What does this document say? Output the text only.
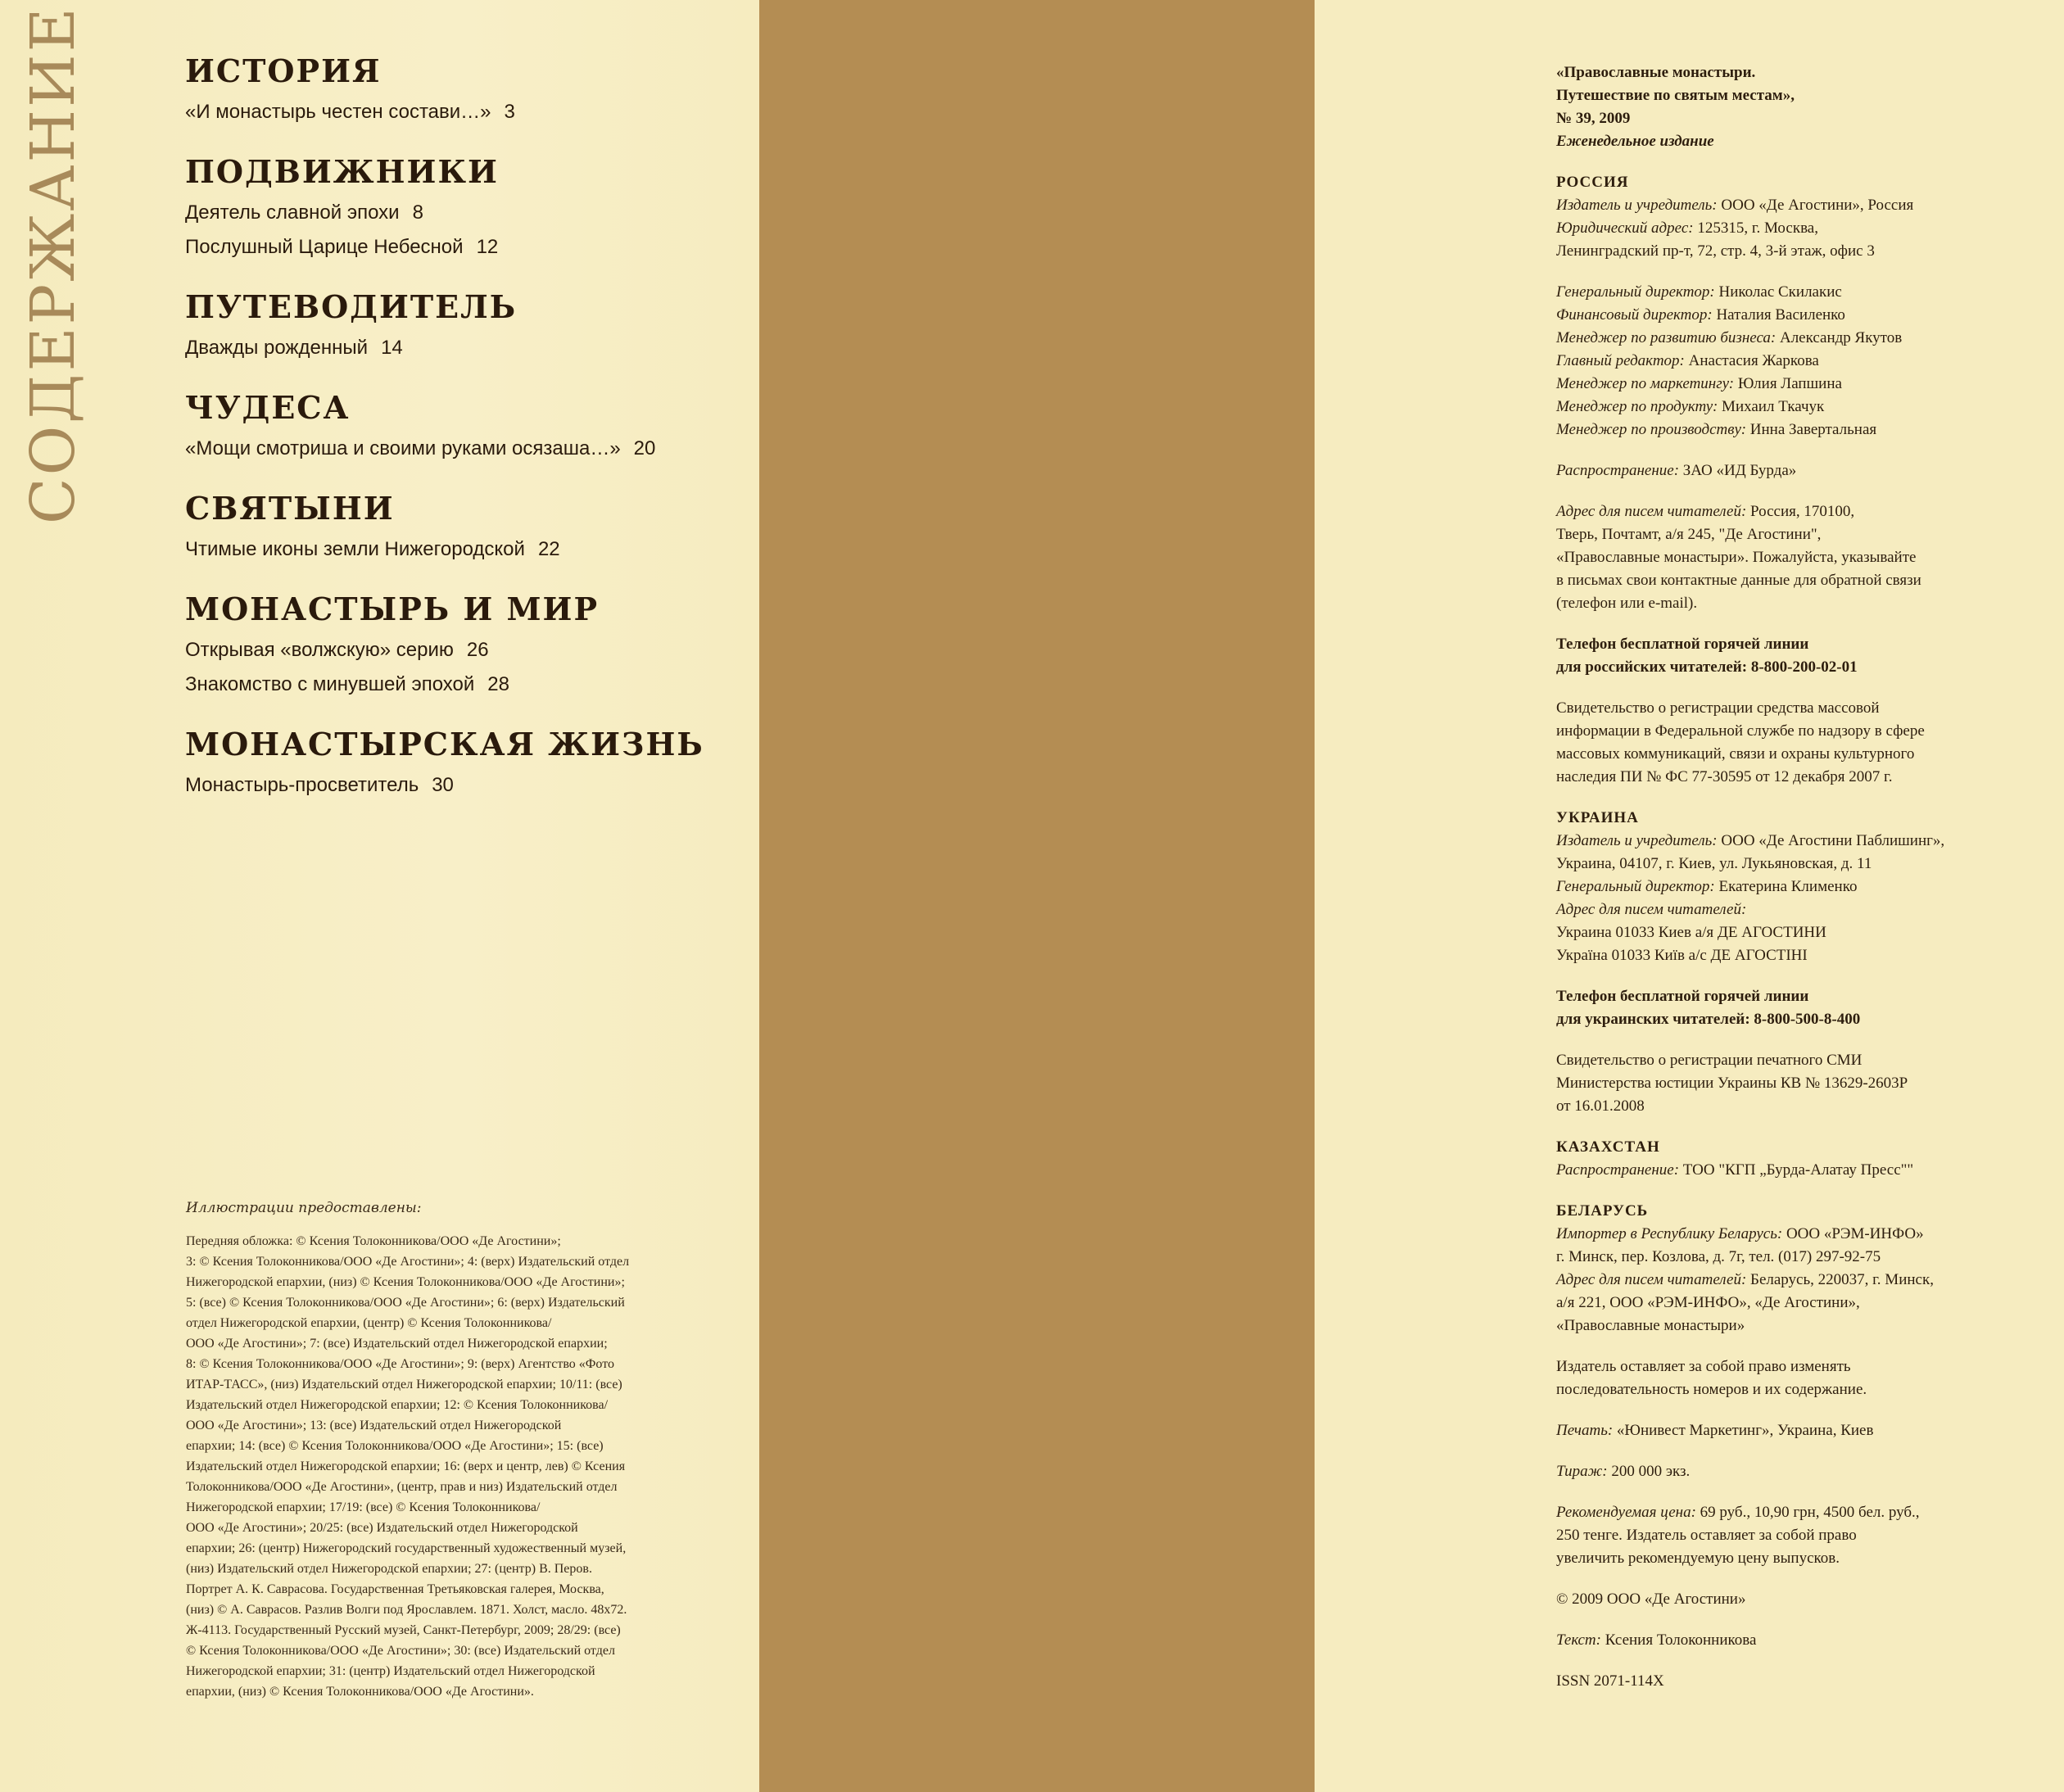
СОДЕРЖАНИЕ	ИСТОРИЯ
«И монастырь честен состави…» 3
ПОДВИЖНИКИ
Деятель славной эпохи 8
Послушный Царице Небесной 12
ПУТЕВОДИТЕЛЬ
Дважды рожденный 14
ЧУДЕСА
«Мощи смотриша и своими руками осязаша…» 20
СВЯТЫНИ
Чтимые иконы земли Нижегородской 22
МОНАСТЫРЬ И МИР
Открывая «волжскую» серию 26
Знакомство с минувшей эпохой 28
МОНАСТЫРСКАЯ ЖИЗНЬ
Монастырь-просветитель 30
Иллюстрации предоставлены:
Передняя обложка: © Ксения Толоконникова/ООО «Де Агостини»;
3: © Ксения Толоконникова/ООО «Де Агостини»; 4: (верх) Издательский отдел
Нижегородской епархии, (низ) © Ксения Толоконникова/ООО «Де Агостини»;
5: (все) © Ксения Толоконникова/ООО «Де Агостини»; 6: (верх) Издательский
отдел Нижегородской епархии, (центр) © Ксения Толоконникова/
ООО «Де Агостини»; 7: (все) Издательский отдел Нижегородской епархии;
8: © Ксения Толоконникова/ООО «Де Агостини»; 9: (верх) Агентство «Фото
ИТАР-ТАСС», (низ) Издательский отдел Нижегородской епархии; 10/11: (все)
Издательский отдел Нижегородской епархии; 12: © Ксения Толоконникова/
ООО «Де Агостини»; 13: (все) Издательский отдел Нижегородской
епархии; 14: (все) © Ксения Толоконникова/ООО «Де Агостини»; 15: (все)
Издательский отдел Нижегородской епархии; 16: (верх и центр, лев) © Ксения
Толоконникова/ООО «Де Агостини», (центр, прав и низ) Издательский отдел
Нижегородской епархии; 17/19: (все) © Ксения Толоконникова/
ООО «Де Агостини»; 20/25: (все) Издательский отдел Нижегородской
епархии; 26: (центр) Нижегородский государственный художественный музей,
(низ) Издательский отдел Нижегородской епархии; 27: (центр) В. Перов.
Портрет А. К. Саврасова. Государственная Третьяковская галерея, Москва,
(низ) © А. Саврасов. Разлив Волги под Ярославлем. 1871. Холст, масло. 48x72.
Ж-4113. Государственный Русский музей, Санкт-Петербург, 2009; 28/29: (все)
© Ксения Толоконникова/ООО «Де Агостини»; 30: (все) Издательский отдел
Нижегородской епархии; 31: (центр) Издательский отдел Нижегородской
епархии, (низ) © Ксения Толоконникова/ООО «Де Агостини».
«Православные монастыри.
Путешествие по святым местам»,
№ 39, 2009
Еженедельное издание
РОССИЯ
Издатель и учредитель: ООО «Де Агостини», Россия
Юридический адрес: 125315, г. Москва,
Ленинградский пр-т, 72, стр. 4, 3-й этаж, офис 3
Генеральный директор: Николас Скилакис
Финансовый директор: Наталия Василенко
Менеджер по развитию бизнеса: Александр Якутов
Главный редактор: Анастасия Жаркова
Менеджер по маркетингу: Юлия Лапшина
Менеджер по продукту: Михаил Ткачук
Менеджер по производству: Инна Завертальная
Распространение: ЗАО «ИД Бурда»
Адрес для писем читателей: Россия, 170100,
Тверь, Почтамт, а/я 245, "Де Агостини",
«Православные монастыри». Пожалуйста, указывайте
в письмах свои контактные данные для обратной связи
(телефон или e-mail).
Телефон бесплатной горячей линии
для российских читателей: 8-800-200-02-01
Свидетельство о регистрации средства массовой
информации в Федеральной службе по надзору в сфере
массовых коммуникаций, связи и охраны культурного
наследия ПИ № ФС 77-30595 от 12 декабря 2007 г.
УКРАИНА
Издатель и учредитель: ООО «Де Агостини Паблишинг»,
Украина, 04107, г. Киев, ул. Лукьяновская, д. 11
Генеральный директор: Екатерина Клименко
Адрес для писем читателей:
Украина 01033 Киев а/я ДЕ АГОСТИНИ
Україна 01033 Київ а/с ДЕ АГОСТІНІ
Телефон бесплатной горячей линии
для украинских читателей: 8-800-500-8-400
Свидетельство о регистрации печатного СМИ
Министерства юстиции Украины КВ № 13629-2603Р
от 16.01.2008
КАЗАХСТАН
Распространение: ТОО "КГП „Бурда-Алатау Пресс""
БЕЛАРУСЬ
Импортер в Республику Беларусь: ООО «РЭМ-ИНФО»
г. Минск, пер. Козлова, д. 7г, тел. (017) 297-92-75
Адрес для писем читателей: Беларусь, 220037, г. Минск,
а/я 221, ООО «РЭМ-ИНФО», «Де Агостини»,
«Православные монастыри»
Издатель оставляет за собой право изменять
последовательность номеров и их содержание.
Печать: «Юнивест Маркетинг», Украина, Киев
Тираж: 200 000 экз.
Рекомендуемая цена: 69 руб., 10,90 грн, 4500 бел. руб.,
250 тенге. Издатель оставляет за собой право
увеличить рекомендуемую цену выпусков.
© 2009 ООО «Де Агостини»
Текст: Ксения Толоконникова
ISSN 2071-114X
